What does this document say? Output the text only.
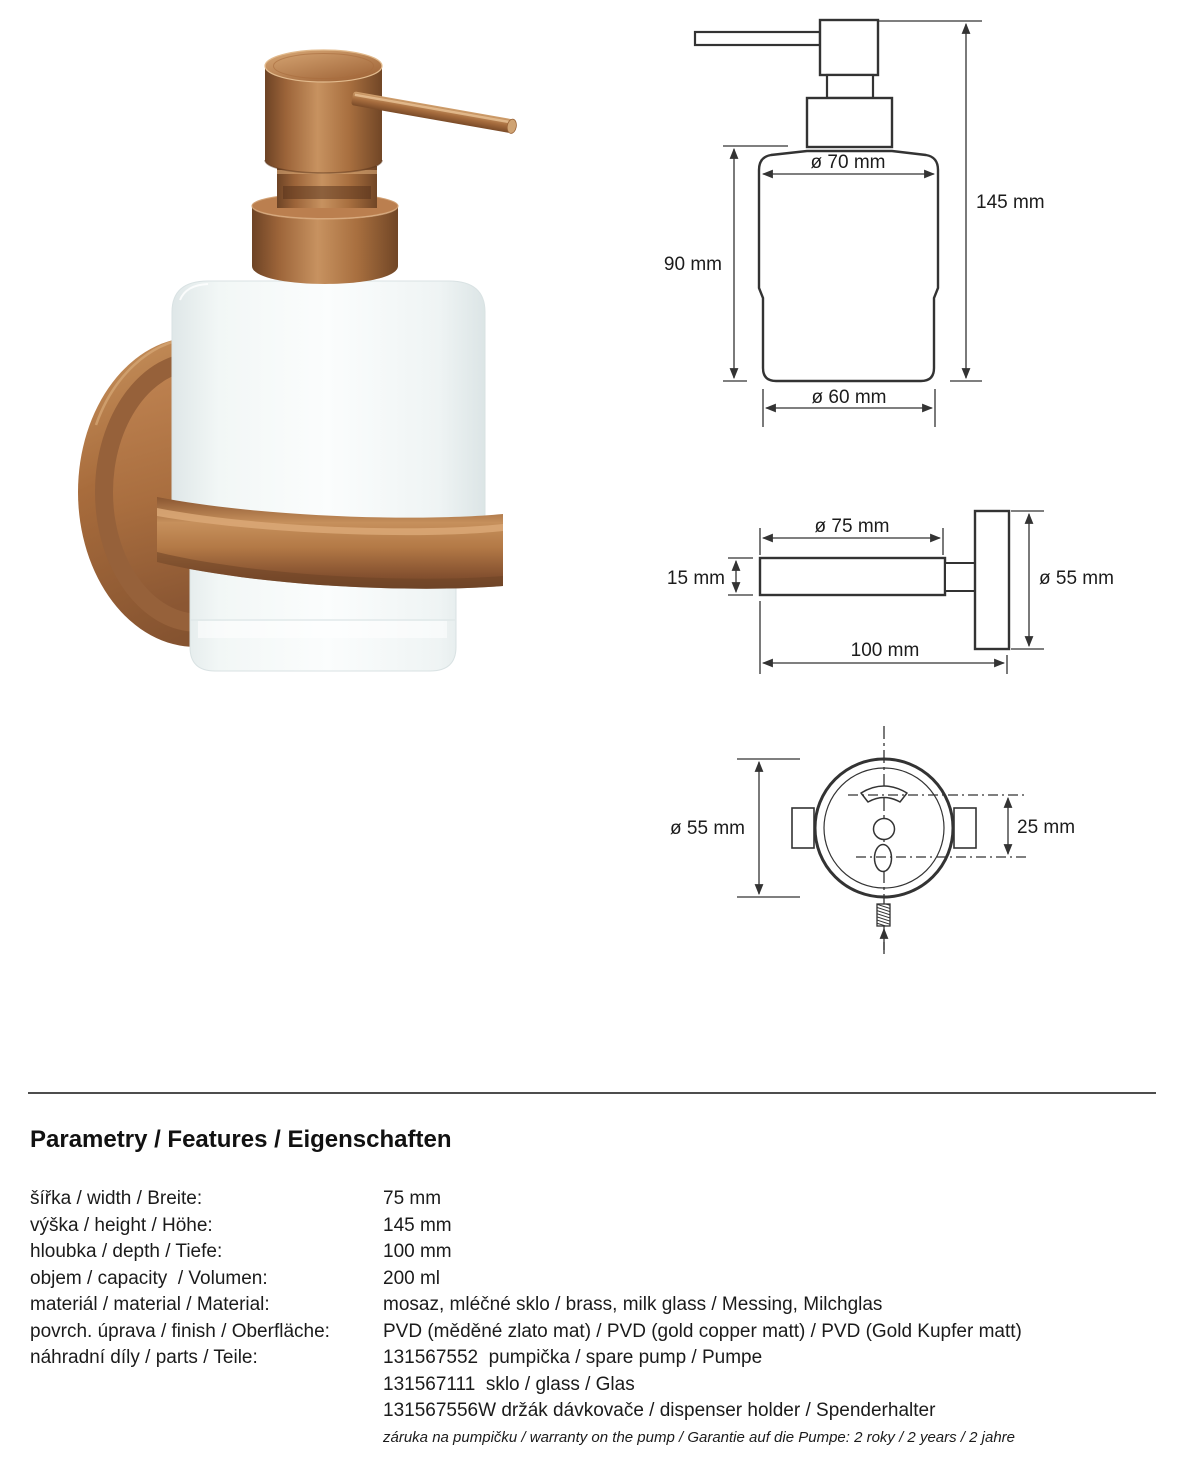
ø 70 mm
145 mm
90 mm
ø 60 mm
ø 75 mm
15 mm	ø 55 mm
100 mm
ø 55 mm	25 mm
Parametry / Features / Eigenschaften
šířka / width / Breite:	75 mm
výška / height / Höhe:	145 mm
hloubka / depth / Tiefe:	100 mm
objem / capacity  / Volumen:	200 ml
materiál / material / Material:	mosaz, mléčné sklo / brass, milk glass / Messing, Milchglas
povrch. úprava / finish / Oberfläche:	PVD (měděné zlato mat) / PVD (gold copper matt) / PVD (Gold Kupfer matt)
náhradní díly / parts / Teile:	131567552  pumpička / spare pump / Pumpe
131567111  sklo / glass / Glas
131567556W držák dávkovače / dispenser holder / Spenderhalter
záruka na pumpičku / warranty on the pump / Garantie auf die Pumpe: 2 roky / 2 years / 2 jahre
